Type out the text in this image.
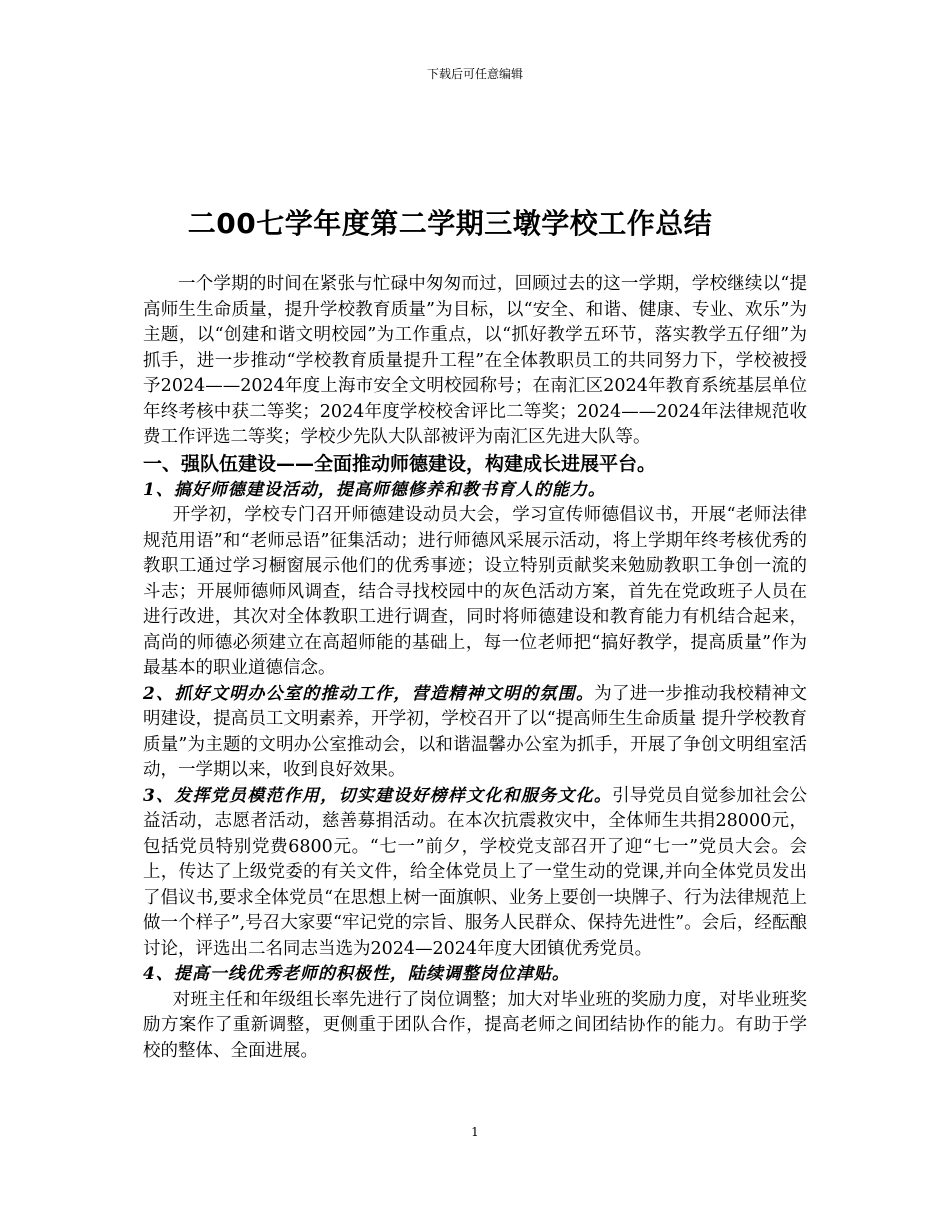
下载后可任意编辑
二00七学年度第二学期三墩学校工作总结

一个学期的时间在紧张与忙碌中匆匆而过，回顾过去的这一学期，学校继续以“提高师生生命质量，提升学校教育质量”为目标，以“安全、和谐、健康、专业、欢乐”为主题，以“创建和谐文明校园”为工作重点，以“抓好教学五环节，落实教学五仔细”为抓手，进一步推动“学校教育质量提升工程”在全体教职员工的共同努力下，学校被授予2024——2024年度上海市安全文明校园称号；在南汇区2024年教育系统基层单位年终考核中获二等奖；2024年度学校校舍评比二等奖；2024——2024年法律规范收费工作评选二等奖；学校少先队大队部被评为南汇区先进大队等。

一、强队伍建设——全面推动师德建设，构建成长进展平台。

1、搞好师德建设活动，提高师德修养和教书育人的能力。

开学初，学校专门召开师德建设动员大会，学习宣传师德倡议书，开展“老师法律规范用语”和“老师忌语”征集活动；进行师德风采展示活动，将上学期年终考核优秀的教职工通过学习橱窗展示他们的优秀事迹；设立特别贡献奖来勉励教职工争创一流的斗志；开展师德师风调查，结合寻找校园中的灰色活动方案，首先在党政班子人员在进行改进，其次对全体教职工进行调查，同时将师德建设和教育能力有机结合起来，高尚的师德必须建立在高超师能的基础上，每一位老师把“搞好教学，提高质量”作为最基本的职业道德信念。

2、抓好文明办公室的推动工作，营造精神文明的氛围。为了进一步推动我校精神文明建设，提高员工文明素养，开学初，学校召开了以“提高师生生命质量 提升学校教育质量”为主题的文明办公室推动会，以和谐温馨办公室为抓手，开展了争创文明组室活动，一学期以来，收到良好效果。

3、发挥党员模范作用，切实建设好榜样文化和服务文化。引导党员自觉参加社会公益活动，志愿者活动，慈善募捐活动。在本次抗震救灾中，全体师生共捐28000元，包括党员特别党费6800元。“七一”前夕，学校党支部召开了迎“七一”党员大会。会上，传达了上级党委的有关文件，给全体党员上了一堂生动的党课,并向全体党员发出了倡议书,要求全体党员“在思想上树一面旗帜、业务上要创一块牌子、行为法律规范上做一个样子”,号召大家要“牢记党的宗旨、服务人民群众、保持先进性”。会后，经酝酿讨论，评选出二名同志当选为2024—2024年度大团镇优秀党员。

4、提高一线优秀老师的积极性，陆续调整岗位津贴。

对班主任和年级组长率先进行了岗位调整；加大对毕业班的奖励力度，对毕业班奖励方案作了重新调整，更侧重于团队合作，提高老师之间团结协作的能力。有助于学校的整体、全面进展。

1
